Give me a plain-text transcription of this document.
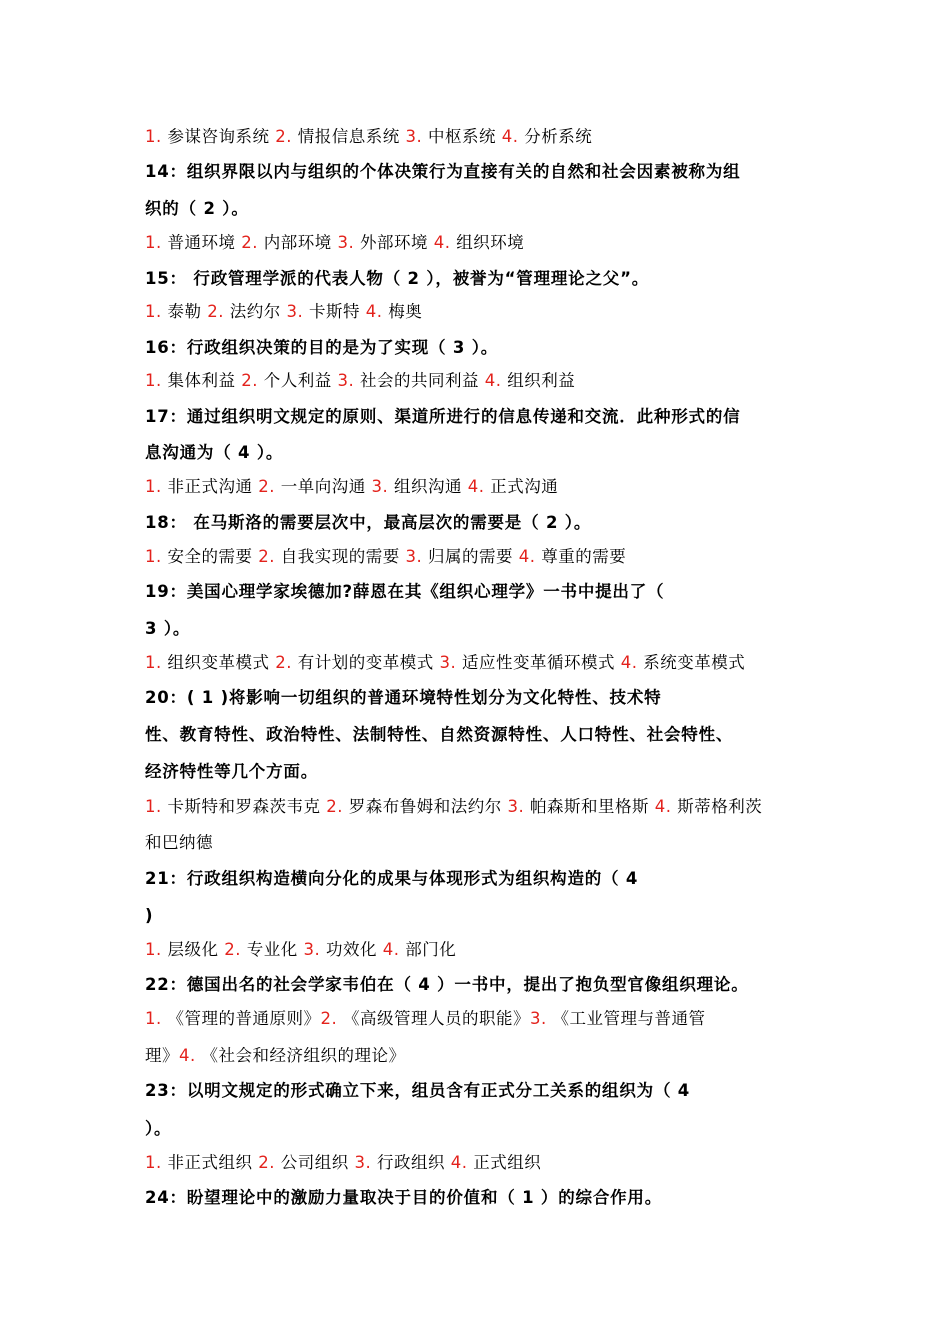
1. 参谋咨询系统 2. 情报信息系统 3. 中枢系统 4. 分析系统
14：组织界限以内与组织的个体决策行为直接有关的自然和社会因素被称为组
织的（ 2 ）。
1. 普通环境 2. 内部环境 3. 外部环境 4. 组织环境
15： 行政管理学派的代表人物（ 2 ），被誉为“管理理论之父”。
1. 泰勒 2. 法约尔 3. 卡斯特 4. 梅奥
16：行政组织决策的目的是为了实现（ 3 ）。
1. 集体利益 2. 个人利益 3. 社会的共同利益 4. 组织利益
17：通过组织明文规定的原则、渠道所进行的信息传递和交流．此种形式的信
息沟通为（ 4 ）。
1. 非正式沟通 2. 一单向沟通 3. 组织沟通 4. 正式沟通
18： 在马斯洛的需要层次中，最高层次的需要是（ 2 ）。
1. 安全的需要 2. 自我实现的需要 3. 归属的需要 4. 尊重的需要
19：美国心理学家埃德加?薛恩在其《组织心理学》一书中提出了（
3 ）。
1. 组织变革模式 2. 有计划的变革模式 3. 适应性变革循环模式 4. 系统变革模式
20：( 1 )将影响一切组织的普通环境特性划分为文化特性、技术特
性、教育特性、政治特性、法制特性、自然资源特性、人口特性、社会特性、
经济特性等几个方面。
1. 卡斯特和罗森茨韦克 2. 罗森布鲁姆和法约尔 3. 帕森斯和里格斯 4. 斯蒂格利茨
和巴纳德
21：行政组织构造横向分化的成果与体现形式为组织构造的（ 4
)
1. 层级化 2. 专业化 3. 功效化 4. 部门化
22：德国出名的社会学家韦伯在（ 4 ）一书中，提出了抱负型官像组织理论。
1. 《管理的普通原则》2. 《高级管理人员的职能》3. 《工业管理与普通管
理》4. 《社会和经济组织的理论》
23：以明文规定的形式确立下来，组员含有正式分工关系的组织为（ 4
）。
1. 非正式组织 2. 公司组织 3. 行政组织 4. 正式组织
24：盼望理论中的激励力量取决于目的价值和（ 1 ）的综合作用。
